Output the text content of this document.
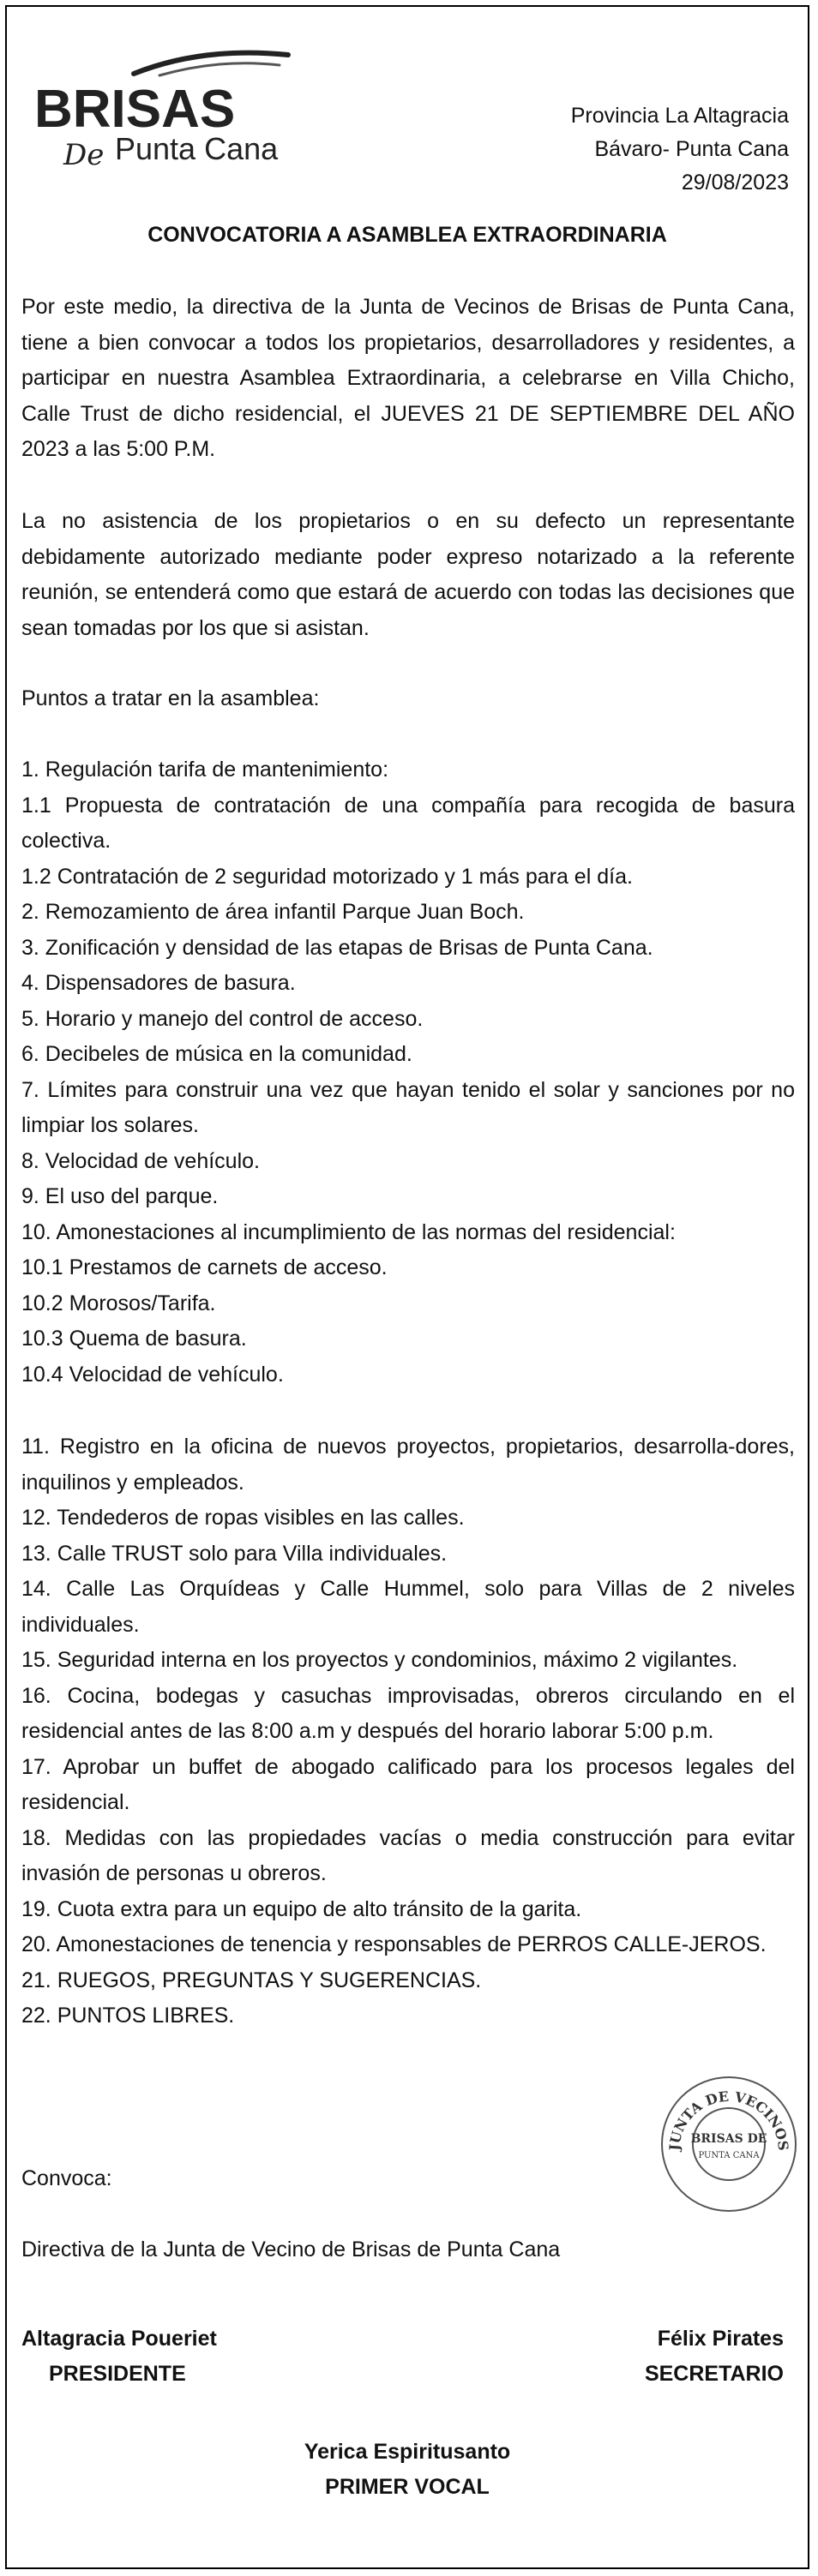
BRISAS
De Punta Cana
Provincia La Altagracia
Bávaro- Punta Cana
29/08/2023
CONVOCATORIA A ASAMBLEA EXTRAORDINARIA

Por este medio, la directiva de la Junta de Vecinos de Brisas de Punta Cana, tiene a bien convocar a todos los propietarios, desarrolladores y residentes, a participar en nuestra Asamblea Extraordinaria, a celebrarse en Villa Chicho, Calle Trust de dicho residencial, el JUEVES 21 DE SEPTIEMBRE DEL AÑO 2023 a las 5:00 P.M.

La no asistencia de los propietarios o en su defecto un representante debidamente autorizado mediante poder expreso notarizado a la referente reunión, se entenderá como que estará de acuerdo con todas las decisiones que sean tomadas por los que si asistan.

Puntos a tratar en la asamblea:

1. Regulación tarifa de mantenimiento:

1.1 Propuesta de contratación de una compañía para recogida de basura colectiva.

1.2 Contratación de 2 seguridad motorizado y 1 más para el día.

2. Remozamiento de área infantil Parque Juan Boch.

3. Zonificación y densidad de las etapas de Brisas de Punta Cana.

4. Dispensadores de basura.

5. Horario y manejo del control de acceso.

6. Decibeles de música en la comunidad.

7. Límites para construir una vez que hayan tenido el solar y sanciones por no limpiar los solares.

8. Velocidad de vehículo.

9. El uso del parque.

10. Amonestaciones al incumplimiento de las normas del residencial:

10.1 Prestamos de carnets de acceso.

10.2 Morosos/Tarifa.

10.3 Quema de basura.

10.4 Velocidad de vehículo.

11. Registro en la oficina de nuevos proyectos, propietarios, desarrolla-dores, inquilinos y empleados.

12. Tendederos de ropas visibles en las calles.

13. Calle TRUST solo para Villa individuales.

14. Calle Las Orquídeas y Calle Hummel, solo para Villas de 2 niveles individuales.

15. Seguridad interna en los proyectos y condominios, máximo 2 vigilantes.

16. Cocina, bodegas y casuchas improvisadas, obreros circulando en el residencial antes de las 8:00 a.m y después del horario laborar 5:00 p.m.

17. Aprobar un buffet de abogado calificado para los procesos legales del residencial.

18. Medidas con las propiedades vacías o media construcción para evitar invasión de personas u obreros.

19. Cuota extra para un equipo de alto tránsito de la garita.

20. Amonestaciones de tenencia y responsables de PERROS CALLE-JEROS.

21. RUEGOS, PREGUNTAS Y SUGERENCIAS.

22. PUNTOS LIBRES.

JUNTA DE VECINOS
BRISAS DE
PUNTA CANA

Convoca:

Directiva de la Junta de Vecino de Brisas de Punta Cana

Altagracia Poueriet
PRESIDENTE
Félix Pirates
SECRETARIO
Yerica Espiritusanto
PRIMER VOCAL
